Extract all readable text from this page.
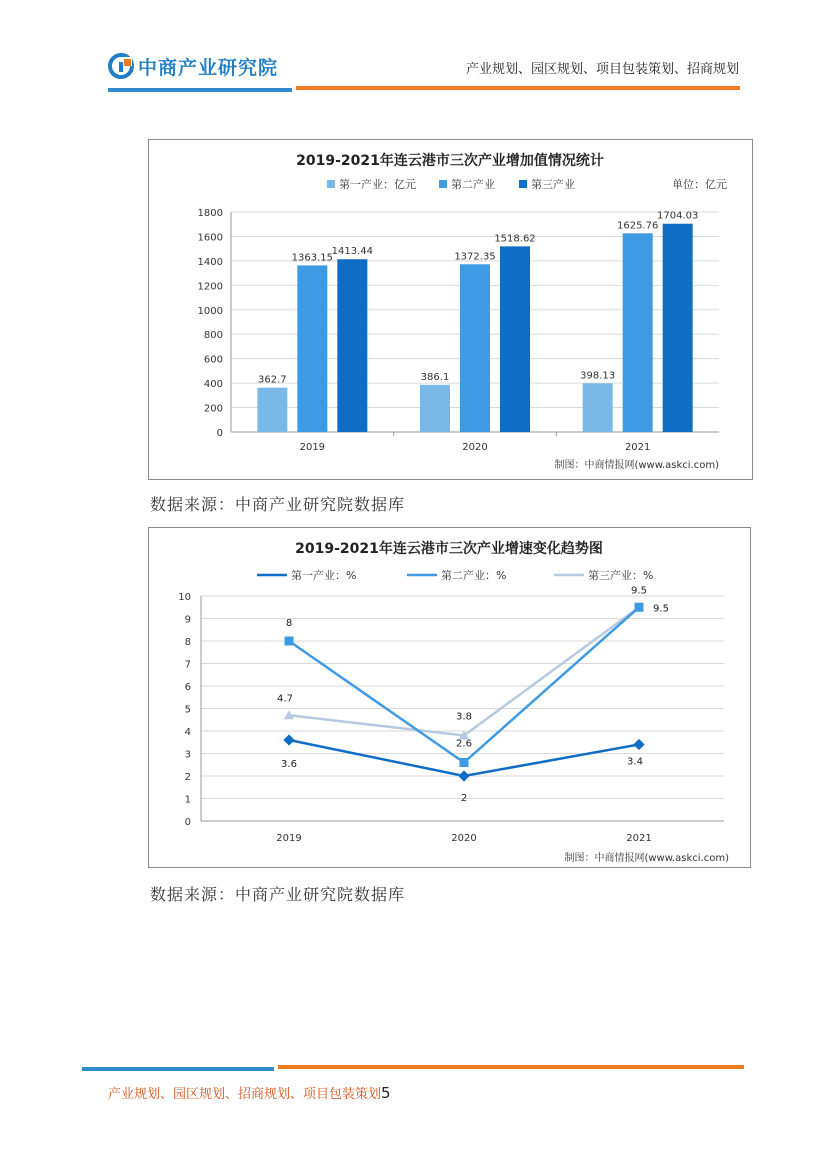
中商产业研究院	产业规划、园区规划、项目包装策划、招商规划
2019-2021年连云港市三次产业增加值情况统计
第一产业：亿元	第二产业	第三产业	单位：亿元
0
200
400
600
800
1000
1200
1400
1600
1800
2019
362.7
1363.15
1413.44
2020
386.1
1372.35
1518.62
2021
398.13
1625.76
1704.03
制图：中商情报网(www.askci.com)
数据来源：中商产业研究院数据库
2019-2021年连云港市三次产业增速变化趋势图
第一产业：%	第二产业：%	第三产业：%
0
1
2
3
4
5
6
7
8
9
10
2019	2020	2021
3.6
2
3.4
8
2.6
9.5
4.7
3.8
9.5
制图：中商情报网(www.askci.com)
数据来源：中商产业研究院数据库
产业规划、园区规划、招商规划、项目包装策划5
